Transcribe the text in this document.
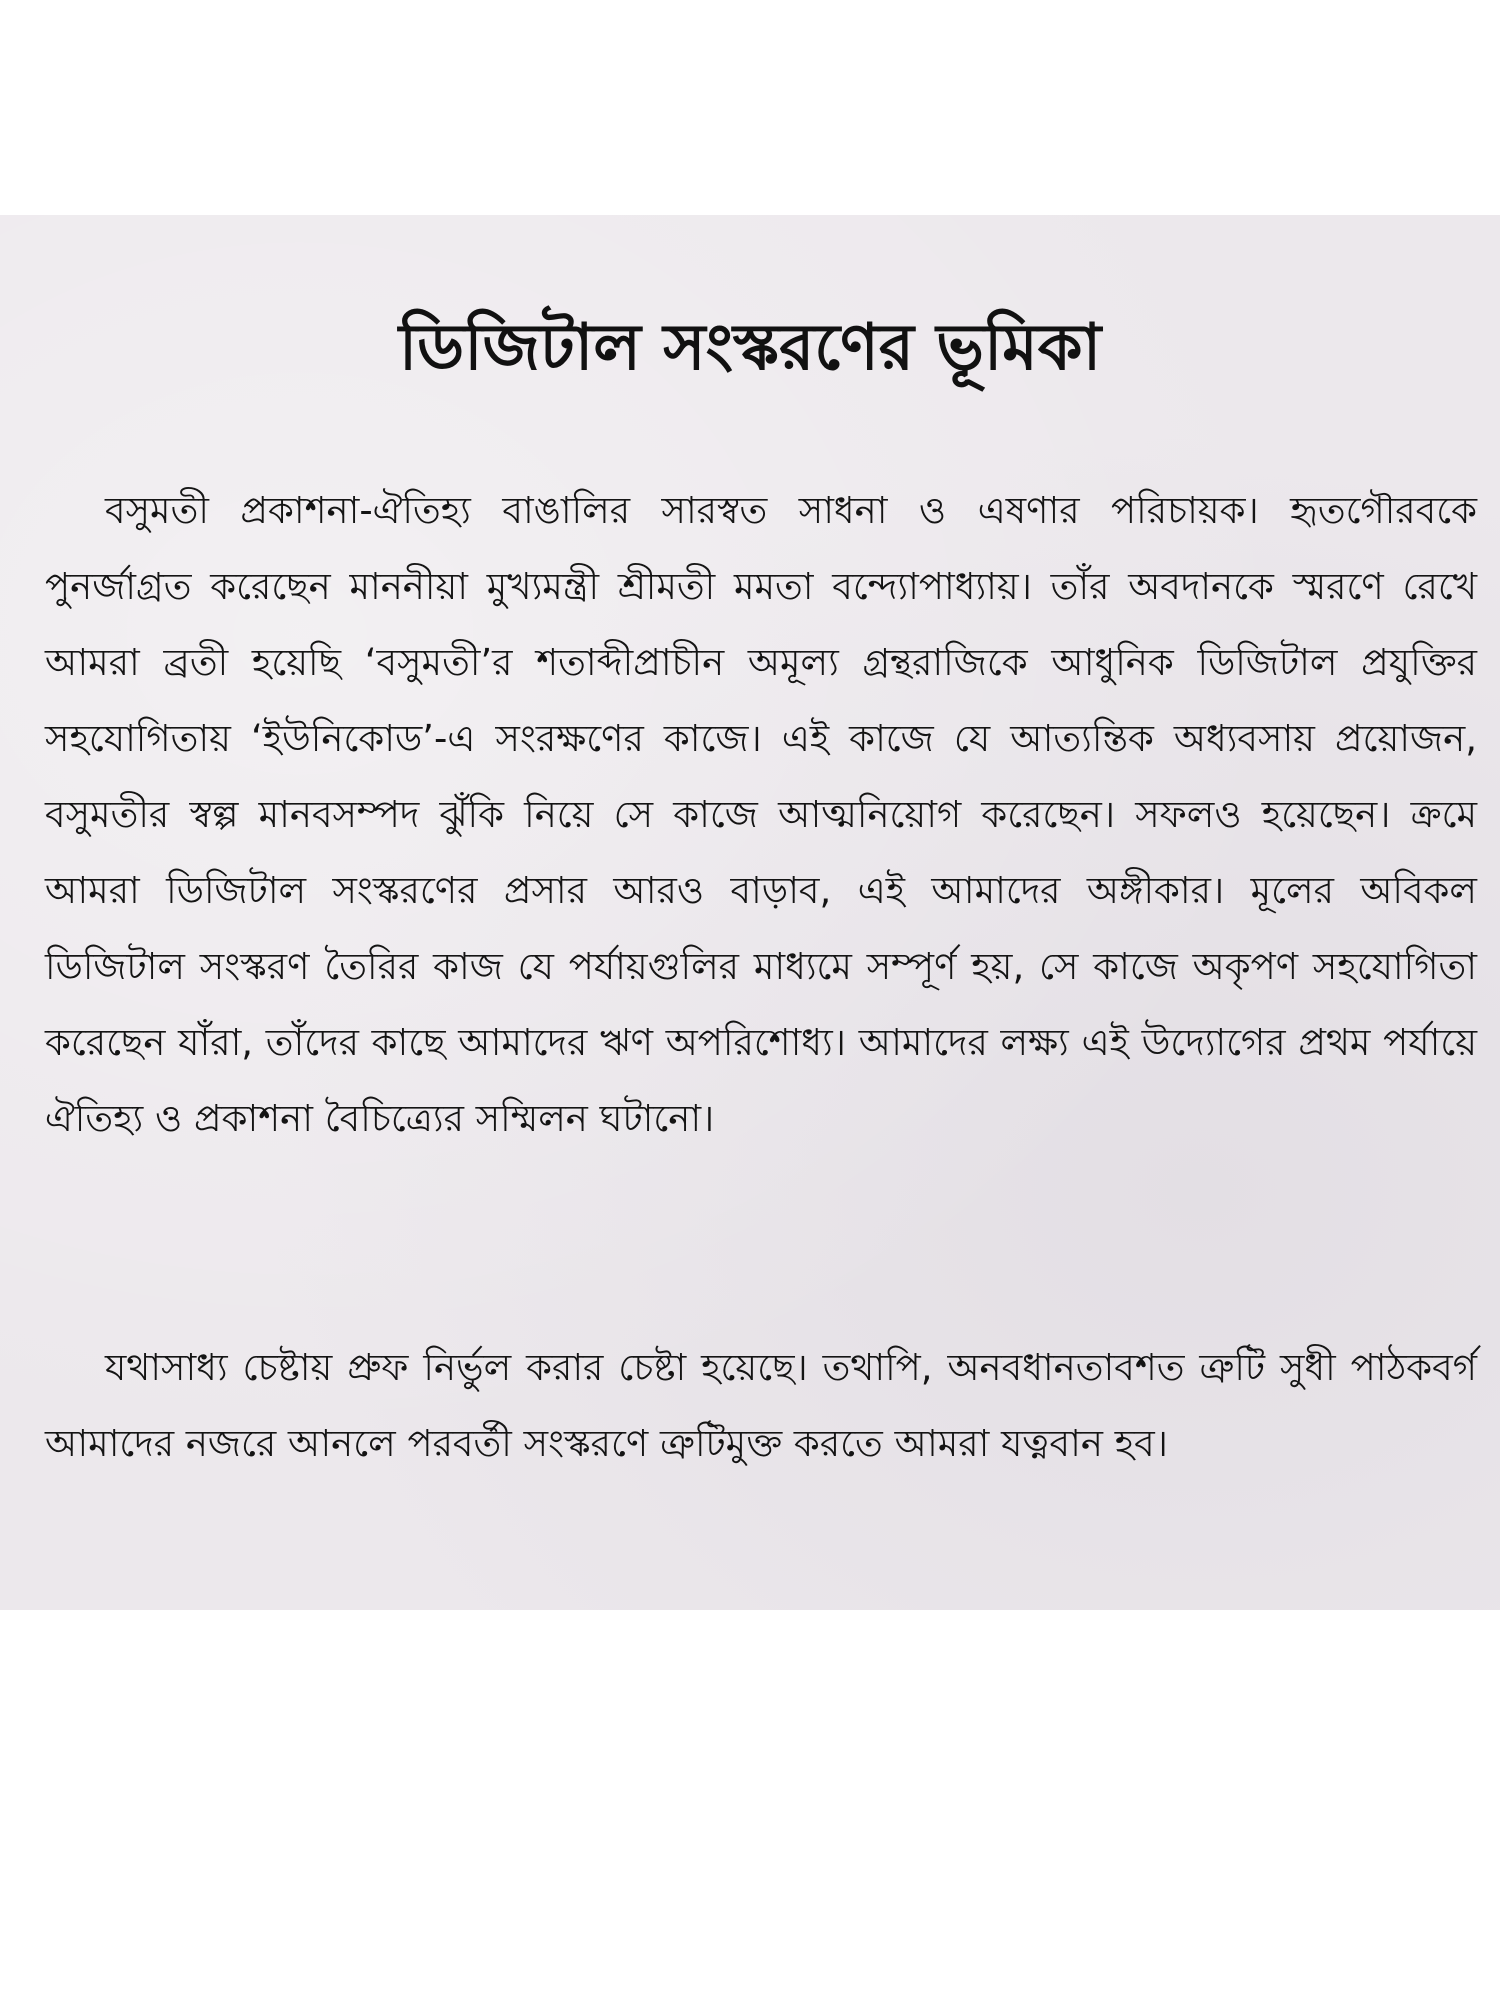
ডিজিটাল সংস্করণের ভূমিকা

বসুমতী প্রকাশনা-ঐতিহ্য বাঙালির সারস্বত সাধনা ও এষণার পরিচায়ক। হৃতগৌরবকে পুনর্জাগ্রত করেছেন মাননীয়া মুখ্যমন্ত্রী শ্রীমতী মমতা বন্দ্যোপাধ্যায়। তাঁর অবদানকে স্মরণে রেখে আমরা ব্রতী হয়েছি ‘বসুমতী’র শতাব্দীপ্রাচীন অমূল্য গ্রন্থরাজিকে আধুনিক ডিজিটাল প্রযুক্তির সহযোগিতায় ‘ইউনিকোড’-এ সংরক্ষণের কাজে। এই কাজে যে আত্যন্তিক অধ্যবসায় প্রয়োজন, বসুমতীর স্বল্প মানবসম্পদ ঝুঁকি নিয়ে সে কাজে আত্মনিয়োগ করেছেন। সফলও হয়েছেন। ক্রমে আমরা ডিজিটাল সংস্করণের প্রসার আরও বাড়াব, এই আমাদের অঙ্গীকার। মূলের অবিকল ডিজিটাল সংস্করণ তৈরির কাজ যে পর্যায়গুলির মাধ্যমে সম্পূর্ণ হয়, সে কাজে অকৃপণ সহযোগিতা করেছেন যাঁরা, তাঁদের কাছে আমাদের ঋণ অপরিশোধ্য। আমাদের লক্ষ্য এই উদ্যোগের প্রথম পর্যায়ে ঐতিহ্য ও প্রকাশনা বৈচিত্র্যের সম্মিলন ঘটানো।

যথাসাধ্য চেষ্টায় প্রুফ নির্ভুল করার চেষ্টা হয়েছে। তথাপি, অনবধানতাবশত ত্রুটি সুধী পাঠকবর্গ আমাদের নজরে আনলে পরবর্তী সংস্করণে ত্রুটিমুক্ত করতে আমরা যত্নবান হব।
